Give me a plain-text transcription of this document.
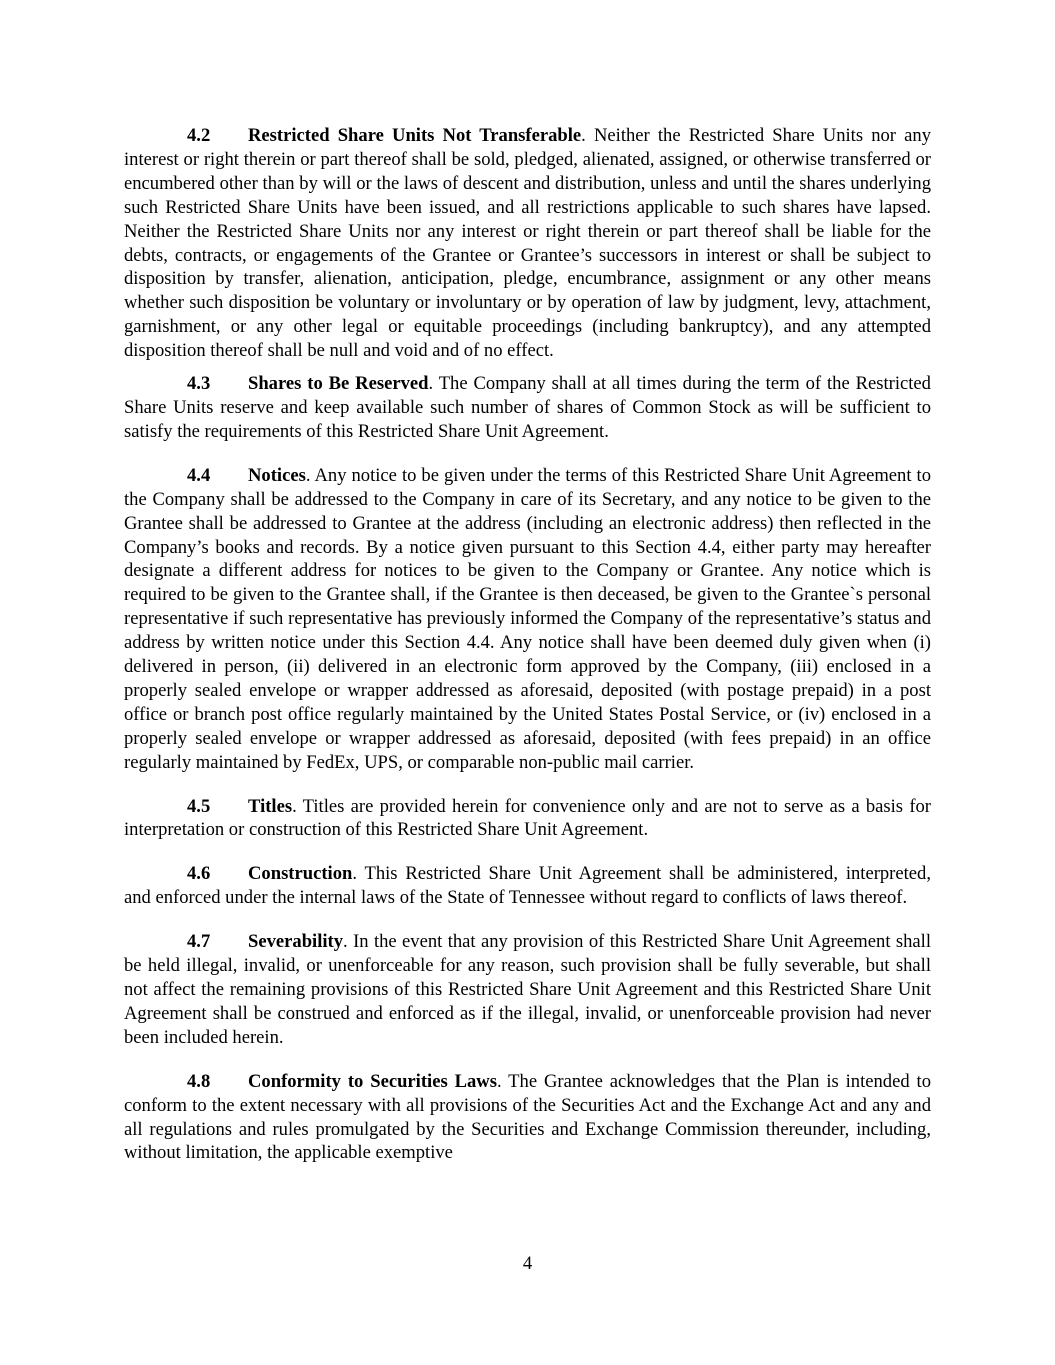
4.2 Restricted Share Units Not Transferable. Neither the Restricted Share Units nor any interest or right therein or part thereof shall be sold, pledged, alienated, assigned, or otherwise transferred or encumbered other than by will or the laws of descent and distribution, unless and until the shares underlying such Restricted Share Units have been issued, and all restrictions applicable to such shares have lapsed. Neither the Restricted Share Units nor any interest or right therein or part thereof shall be liable for the debts, contracts, or engagements of the Grantee or Grantee’s successors in interest or shall be subject to disposition by transfer, alienation, anticipation, pledge, encumbrance, assignment or any other means whether such disposition be voluntary or involuntary or by operation of law by judgment, levy, attachment, garnishment, or any other legal or equitable proceedings (including bankruptcy), and any attempted disposition thereof shall be null and void and of no effect.

4.3 Shares to Be Reserved. The Company shall at all times during the term of the Restricted Share Units reserve and keep available such number of shares of Common Stock as will be sufficient to satisfy the requirements of this Restricted Share Unit Agreement.

4.4 Notices. Any notice to be given under the terms of this Restricted Share Unit Agreement to the Company shall be addressed to the Company in care of its Secretary, and any notice to be given to the Grantee shall be addressed to Grantee at the address (including an electronic address) then reflected in the Company’s books and records. By a notice given pursuant to this Section 4.4, either party may hereafter designate a different address for notices to be given to the Company or Grantee. Any notice which is required to be given to the Grantee shall, if the Grantee is then deceased, be given to the Grantee`s personal representative if such representative has previously informed the Company of the representative’s status and address by written notice under this Section 4.4. Any notice shall have been deemed duly given when (i) delivered in person, (ii) delivered in an electronic form approved by the Company, (iii) enclosed in a properly sealed envelope or wrapper addressed as aforesaid, deposited (with postage prepaid) in a post office or branch post office regularly maintained by the United States Postal Service, or (iv) enclosed in a properly sealed envelope or wrapper addressed as aforesaid, deposited (with fees prepaid) in an office regularly maintained by FedEx, UPS, or comparable non-public mail carrier.

4.5 Titles. Titles are provided herein for convenience only and are not to serve as a basis for interpretation or construction of this Restricted Share Unit Agreement.

4.6 Construction. This Restricted Share Unit Agreement shall be administered, interpreted, and enforced under the internal laws of the State of Tennessee without regard to conflicts of laws thereof.

4.7 Severability. In the event that any provision of this Restricted Share Unit Agreement shall be held illegal, invalid, or unenforceable for any reason, such provision shall be fully severable, but shall not affect the remaining provisions of this Restricted Share Unit Agreement and this Restricted Share Unit Agreement shall be construed and enforced as if the illegal, invalid, or unenforceable provision had never been included herein.

4.8 Conformity to Securities Laws. The Grantee acknowledges that the Plan is intended to conform to the extent necessary with all provisions of the Securities Act and the Exchange Act and any and all regulations and rules promulgated by the Securities and Exchange Commission thereunder, including, without limitation, the applicable exemptive

4
